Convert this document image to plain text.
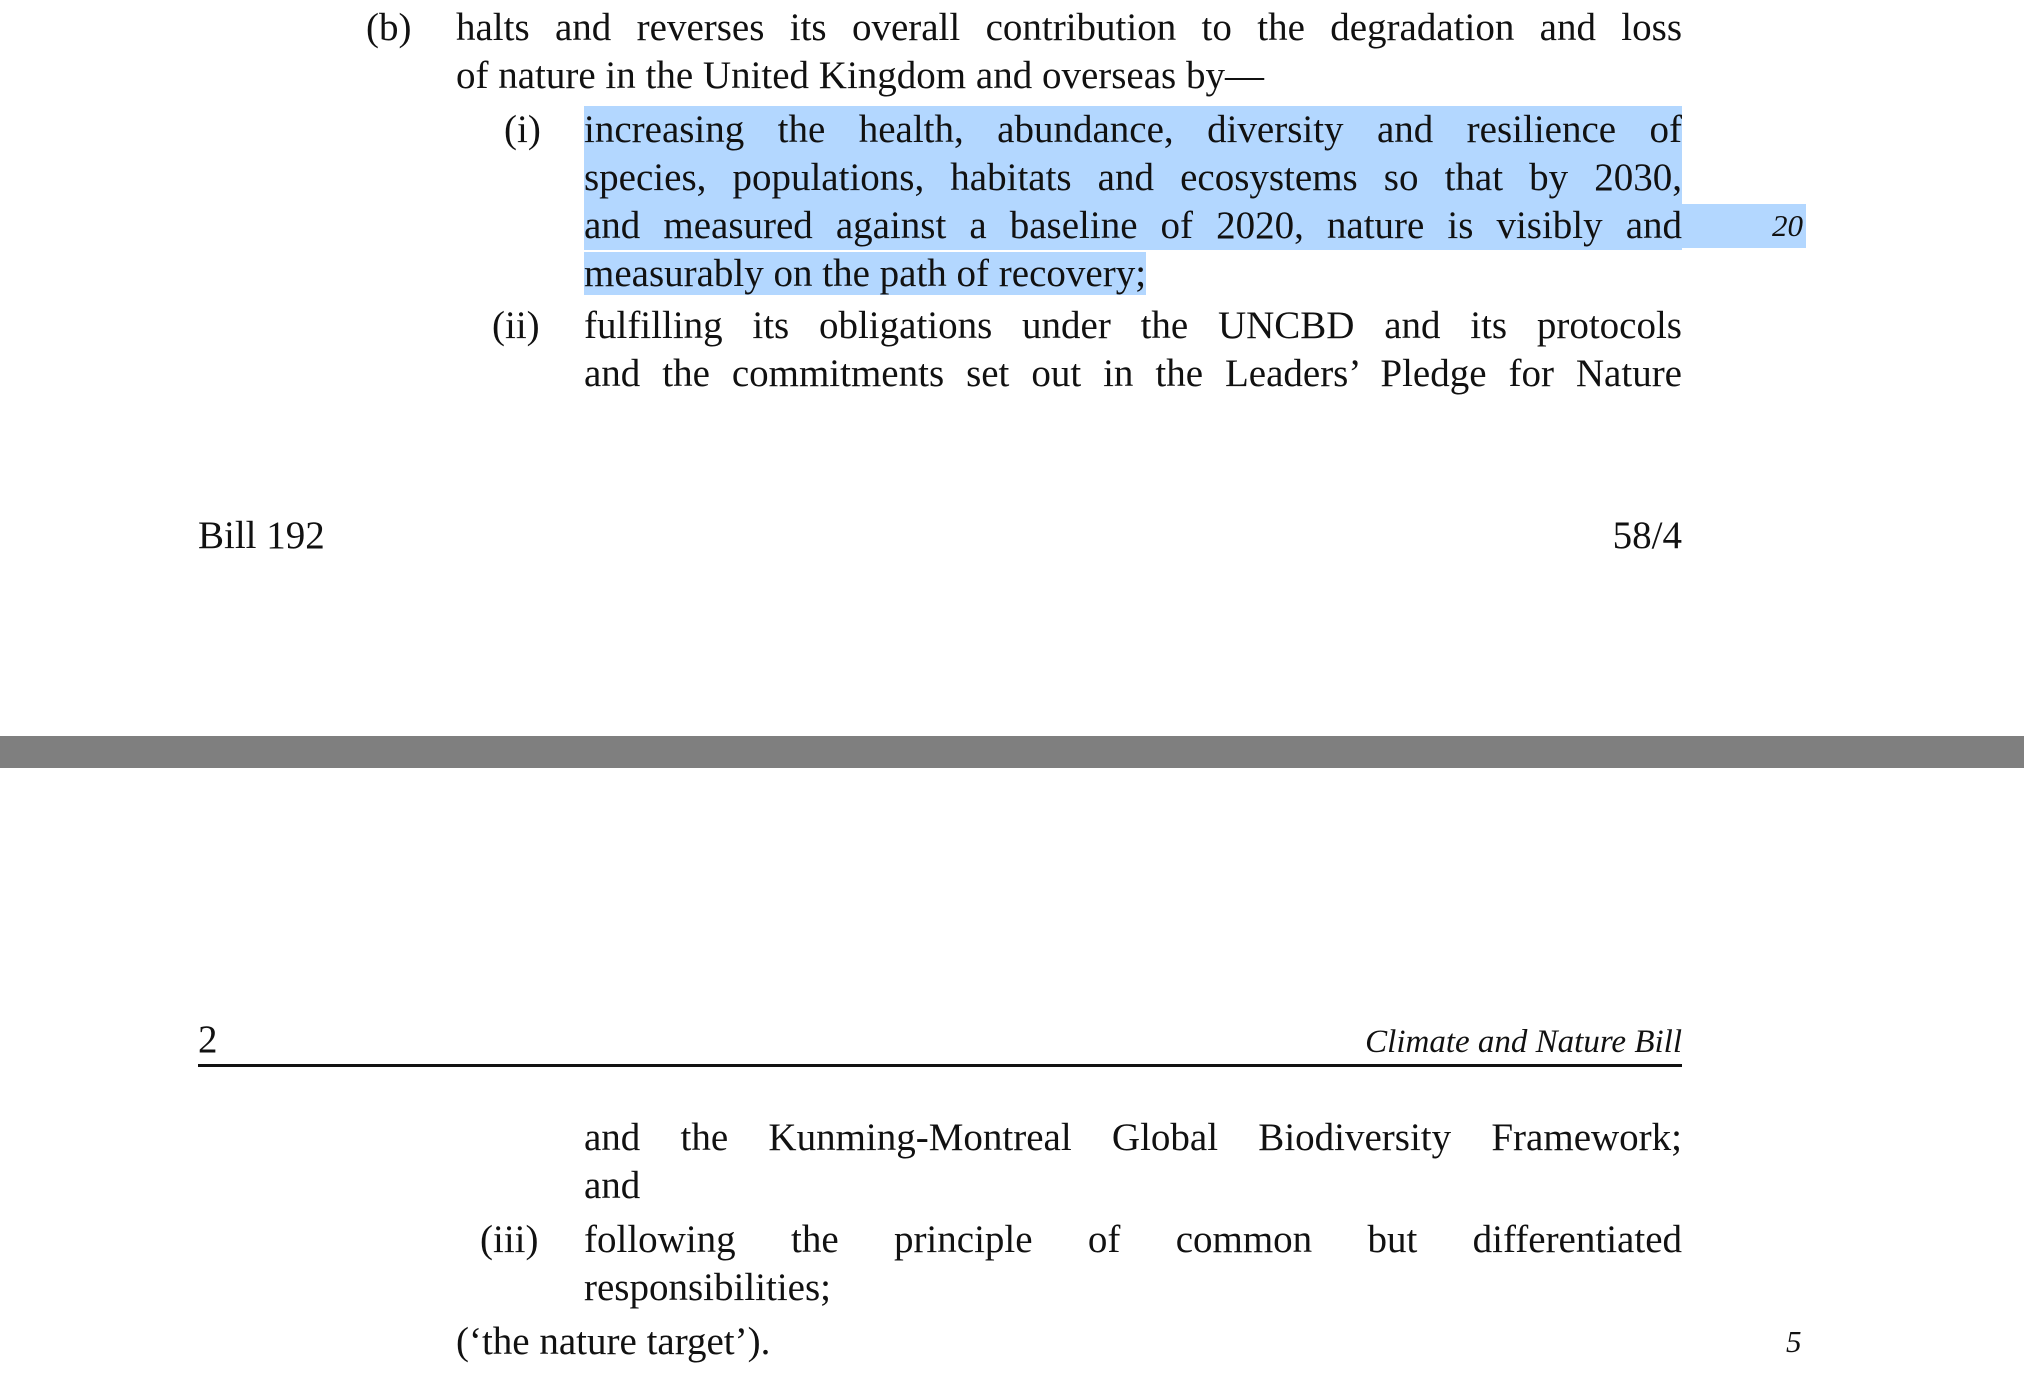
(b) halts and reverses its overall contribution to the degradation and loss
of nature in the United Kingdom and overseas by—
(i) increasing the health, abundance, diversity and resilience of
species, populations, habitats and ecosystems so that by 2030,
and measured against a baseline of 2020, nature is visibly and	20
measurably on the path of recovery;
(ii) fulfilling its obligations under the UNCBD and its protocols
and the commitments set out in the Leaders’ Pledge for Nature
Bill 192	58/4
2	Climate and Nature Bill
and the Kunming-Montreal Global Biodiversity Framework;
and
(iii) following the principle of common but differentiated
responsibilities;
(‘the nature target’).	5
